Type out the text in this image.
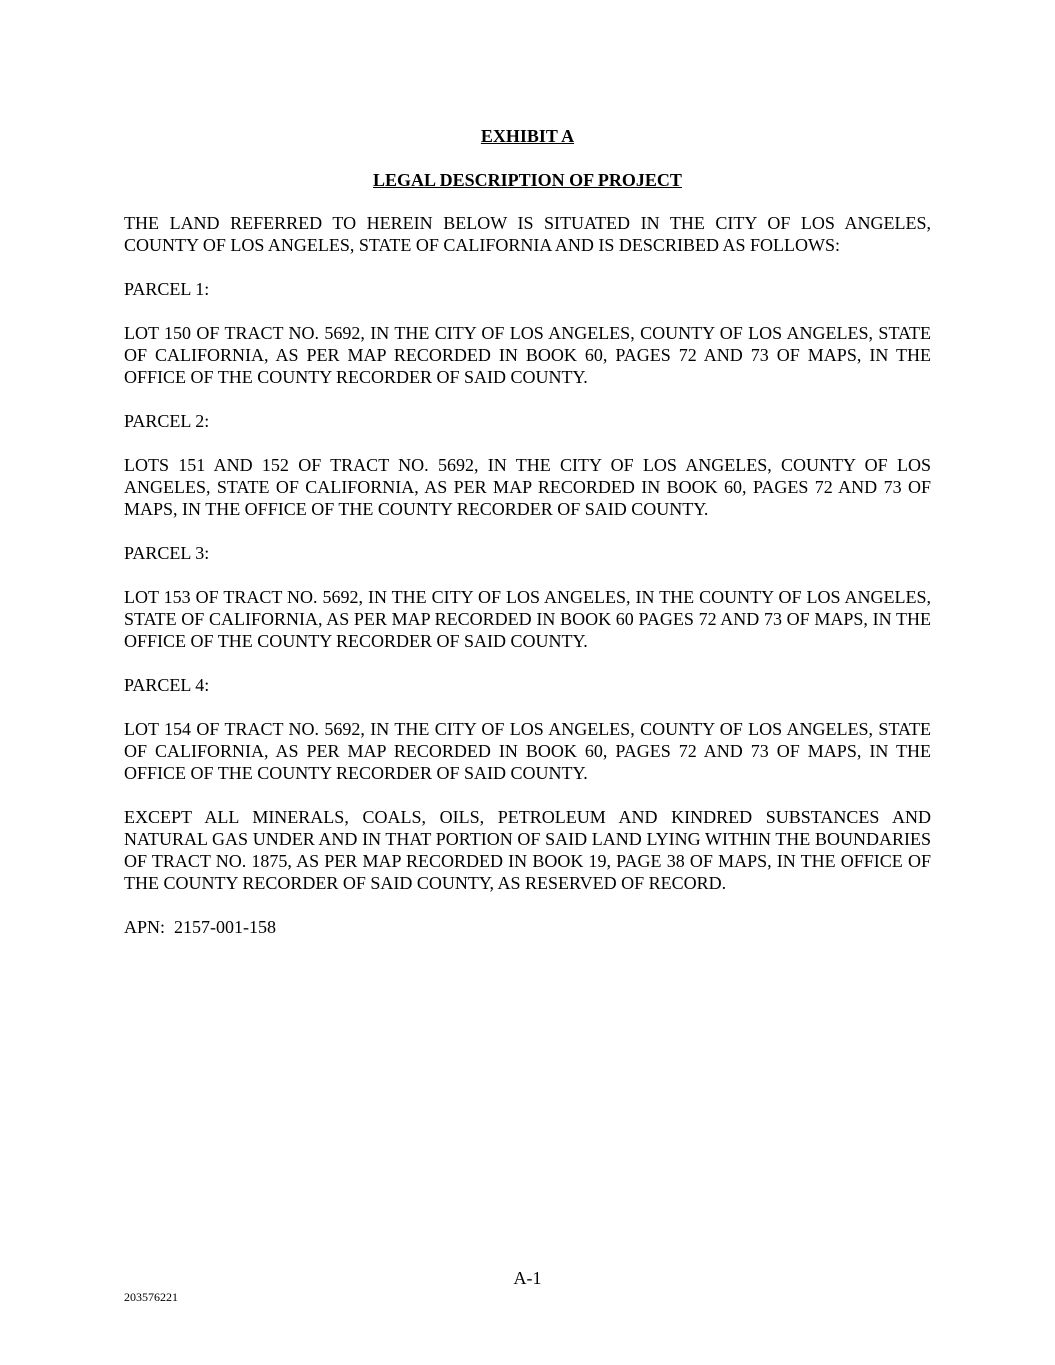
EXHIBIT A
LEGAL DESCRIPTION OF PROJECT

THE LAND REFERRED TO HEREIN BELOW IS SITUATED IN THE CITY OF LOS ANGELES, COUNTY OF LOS ANGELES, STATE OF CALIFORNIA AND IS DESCRIBED AS FOLLOWS:

PARCEL 1:

LOT 150 OF TRACT NO. 5692, IN THE CITY OF LOS ANGELES, COUNTY OF LOS ANGELES, STATE OF CALIFORNIA, AS PER MAP RECORDED IN BOOK 60, PAGES 72 AND 73 OF MAPS, IN THE OFFICE OF THE COUNTY RECORDER OF SAID COUNTY.

PARCEL 2:

LOTS 151 AND 152 OF TRACT NO. 5692, IN THE CITY OF LOS ANGELES, COUNTY OF LOS ANGELES, STATE OF CALIFORNIA, AS PER MAP RECORDED IN BOOK 60, PAGES 72 AND 73 OF MAPS, IN THE OFFICE OF THE COUNTY RECORDER OF SAID COUNTY.

PARCEL 3:

LOT 153 OF TRACT NO. 5692, IN THE CITY OF LOS ANGELES, IN THE COUNTY OF LOS ANGELES, STATE OF CALIFORNIA, AS PER MAP RECORDED IN BOOK 60 PAGES 72 AND 73 OF MAPS, IN THE OFFICE OF THE COUNTY RECORDER OF SAID COUNTY.

PARCEL 4:

LOT 154 OF TRACT NO. 5692, IN THE CITY OF LOS ANGELES, COUNTY OF LOS ANGELES, STATE OF CALIFORNIA, AS PER MAP RECORDED IN BOOK 60, PAGES 72 AND 73 OF MAPS, IN THE OFFICE OF THE COUNTY RECORDER OF SAID COUNTY.

EXCEPT ALL MINERALS, COALS, OILS, PETROLEUM AND KINDRED SUBSTANCES AND NATURAL GAS UNDER AND IN THAT PORTION OF SAID LAND LYING WITHIN THE BOUNDARIES OF TRACT NO. 1875, AS PER MAP RECORDED IN BOOK 19, PAGE 38 OF MAPS, IN THE OFFICE OF THE COUNTY RECORDER OF SAID COUNTY, AS RESERVED OF RECORD.

APN:  2157-001-158

A-1
203576221
